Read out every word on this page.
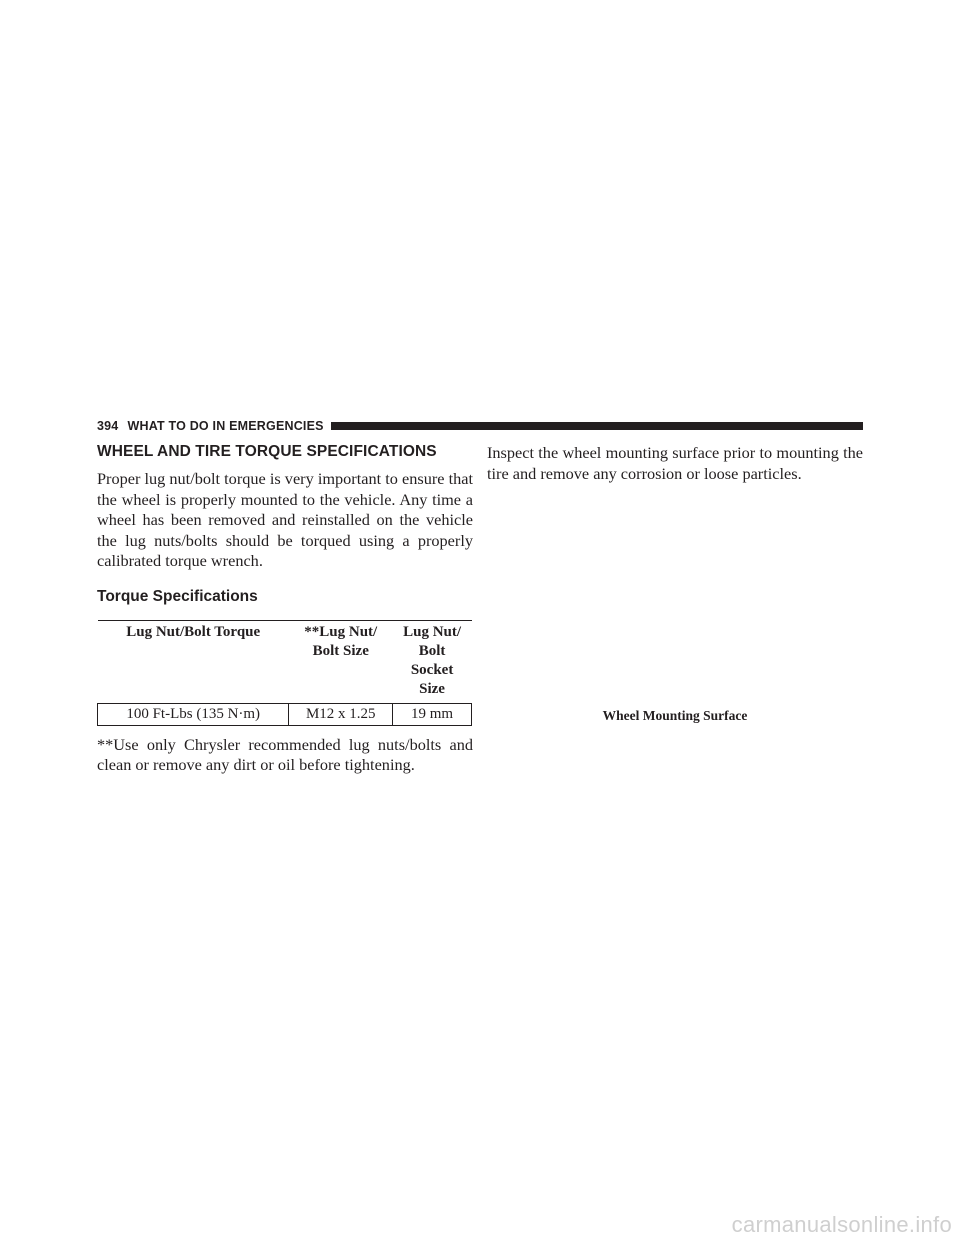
394 WHAT TO DO IN EMERGENCIES
WHEEL AND TIRE TORQUE SPECIFICATIONS

Proper lug nut/bolt torque is very important to ensure that the wheel is properly mounted to the vehicle. Any time a wheel has been removed and reinstalled on the vehicle the lug nuts/bolts should be torqued using a properly calibrated torque wrench.

Torque Specifications
Lug Nut/Bolt Torque	**Lug Nut/ Bolt Size	Lug Nut/ Bolt Socket Size
100 Ft-Lbs (135 N·m)	M12 x 1.25	19 mm

**Use only Chrysler recommended lug nuts/bolts and clean or remove any dirt or oil before tightening.

Inspect the wheel mounting surface prior to mounting the tire and remove any corrosion or loose particles.

Wheel Mounting Surface
carmanualsonline.info
